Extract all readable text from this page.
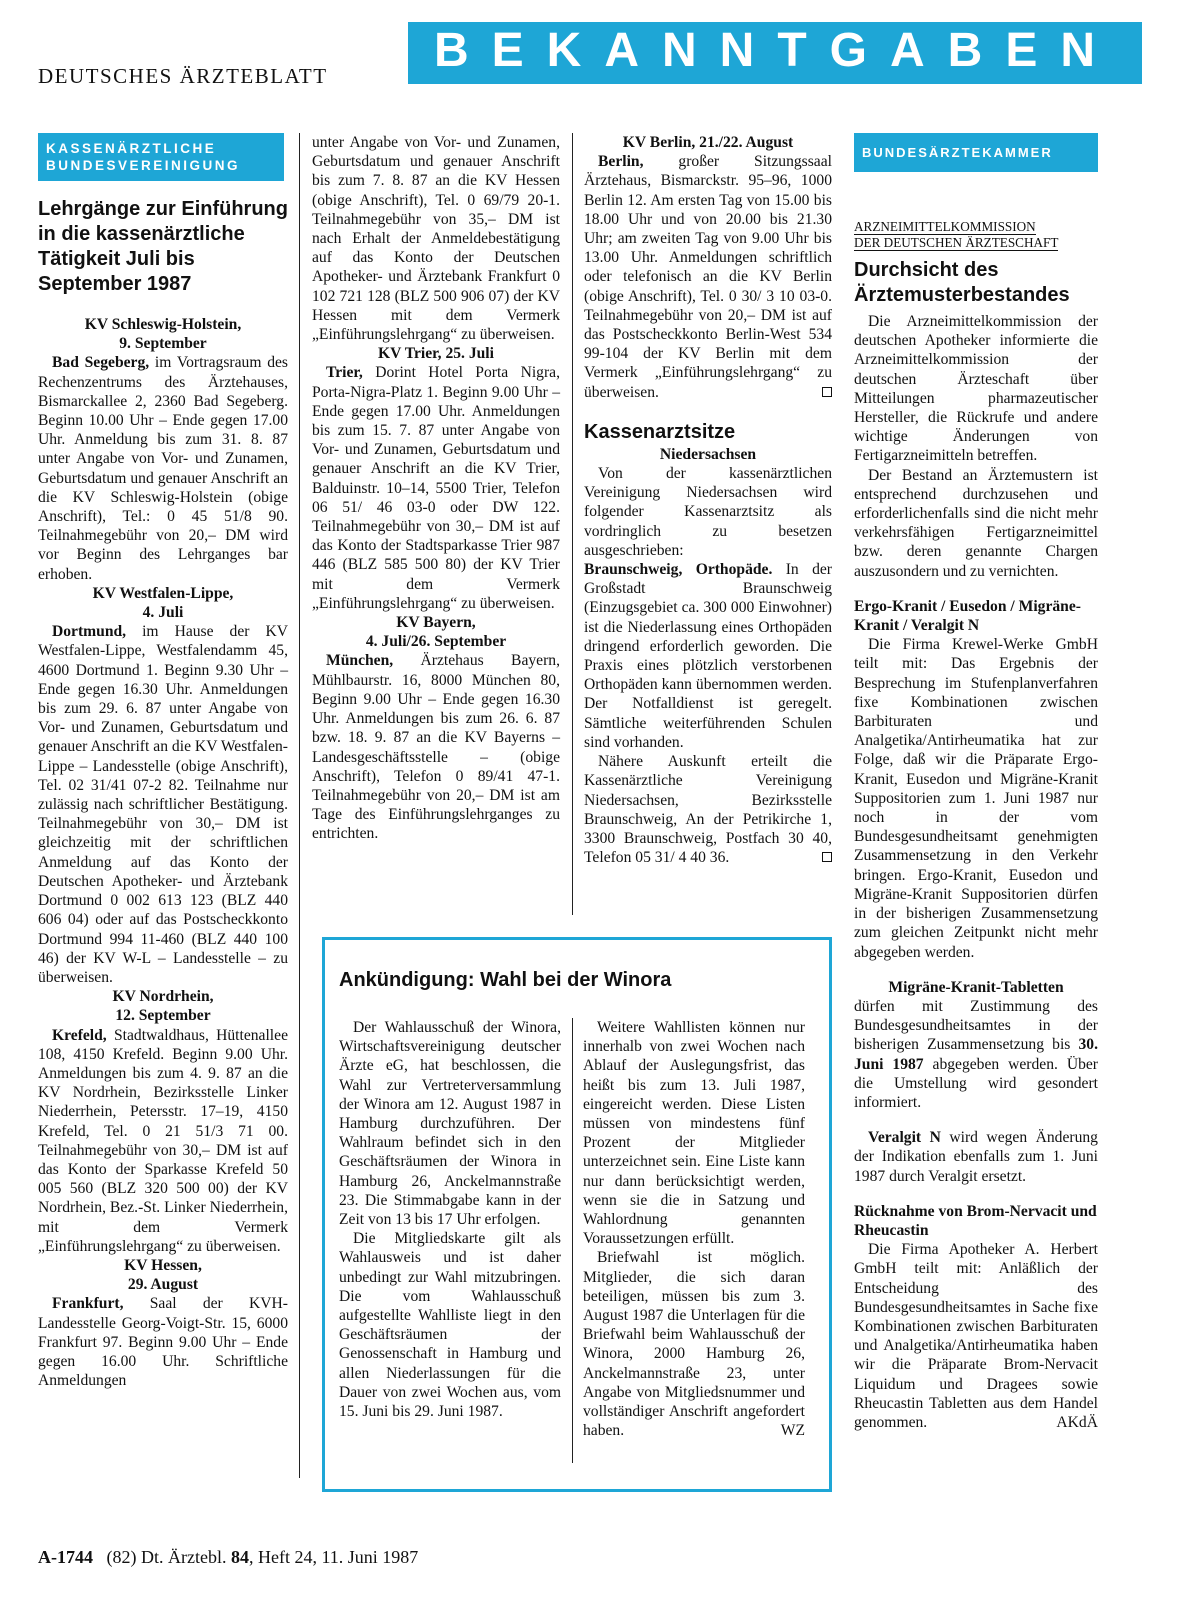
DEUTSCHES ÄRZTEBLATT	BEKANNTGABEN
KASSENÄRZTLICHE
BUNDESVEREINIGUNG

Lehrgänge zur Einführung in die kassenärztliche Tätigkeit Juli bis September 1987

KV Schleswig-Holstein,

9. September

Bad Segeberg, im Vortragsraum des Rechenzentrums des Ärztehauses, Bismarckallee 2, 2360 Bad Segeberg. Beginn 10.00 Uhr – Ende gegen 17.00 Uhr. Anmeldung bis zum 31. 8. 87 unter Angabe von Vor- und Zunamen, Geburtsdatum und genauer Anschrift an die KV Schleswig-Holstein (obige Anschrift), Tel.: 0 45 51/8 90. Teilnahmegebühr von 20,– DM wird vor Beginn des Lehrganges bar erhoben.

KV Westfalen-Lippe,

4. Juli

Dortmund, im Hause der KV Westfalen-Lippe, Westfalendamm 45, 4600 Dortmund 1. Beginn 9.30 Uhr – Ende gegen 16.30 Uhr. Anmeldungen bis zum 29. 6. 87 unter Angabe von Vor- und Zunamen, Geburtsdatum und genauer Anschrift an die KV Westfalen-Lippe – Landesstelle (obige Anschrift), Tel. 02 31/41 07-2 82. Teilnahme nur zulässig nach schriftlicher Bestätigung. Teilnahmegebühr von 30,– DM ist gleichzeitig mit der schriftlichen Anmeldung auf das Konto der Deutschen Apotheker- und Ärztebank Dortmund 0 002 613 123 (BLZ 440 606 04) oder auf das Postscheckkonto Dortmund 994 11-460 (BLZ 440 100 46) der KV W-L – Landesstelle – zu überweisen.

KV Nordrhein,

12. September

Krefeld, Stadtwaldhaus, Hüttenallee 108, 4150 Krefeld. Beginn 9.00 Uhr. Anmeldungen bis zum 4. 9. 87 an die KV Nordrhein, Bezirksstelle Linker Niederrhein, Petersstr. 17–19, 4150 Krefeld, Tel. 0 21 51/3 71 00. Teilnahmegebühr von 30,– DM ist auf das Konto der Sparkasse Krefeld 50 005 560 (BLZ 320 500 00) der KV Nordrhein, Bez.-St. Linker Niederrhein, mit dem Vermerk „Einführungslehrgang“ zu überweisen.

KV Hessen,

29. August

Frankfurt, Saal der KVH-Landesstelle Georg-Voigt-Str. 15, 6000 Frankfurt 97. Beginn 9.00 Uhr – Ende gegen 16.00 Uhr. Schriftliche Anmeldungen

unter Angabe von Vor- und Zunamen, Geburtsdatum und genauer Anschrift bis zum 7. 8. 87 an die KV Hessen (obige Anschrift), Tel. 0 69/79 20-1. Teilnahmegebühr von 35,– DM ist nach Erhalt der Anmeldebestätigung auf das Konto der Deutschen Apotheker- und Ärztebank Frankfurt 0 102 721 128 (BLZ 500 906 07) der KV Hessen mit dem Vermerk „Einführungslehrgang“ zu überweisen.

KV Trier, 25. Juli

Trier, Dorint Hotel Porta Nigra, Porta-Nigra-Platz 1. Beginn 9.00 Uhr – Ende gegen 17.00 Uhr. Anmeldungen bis zum 15. 7. 87 unter Angabe von Vor- und Zunamen, Geburtsdatum und genauer Anschrift an die KV Trier, Balduinstr. 10–14, 5500 Trier, Telefon 06 51/ 46 03-0 oder DW 122. Teilnahmegebühr von 30,– DM ist auf das Konto der Stadtsparkasse Trier 987 446 (BLZ 585 500 80) der KV Trier mit dem Vermerk „Einführungslehrgang“ zu überweisen.

KV Bayern,

4. Juli/26. September

München, Ärztehaus Bayern, Mühlbaurstr. 16, 8000 München 80, Beginn 9.00 Uhr – Ende gegen 16.30 Uhr. Anmeldungen bis zum 26. 6. 87 bzw. 18. 9. 87 an die KV Bayerns – Landesgeschäftsstelle – (obige Anschrift), Telefon 0 89/41 47-1. Teilnahmegebühr von 20,– DM ist am Tage des Einführungslehrganges zu entrichten.

KV Berlin, 21./22. August

Berlin, großer Sitzungssaal Ärztehaus, Bismarckstr. 95–96, 1000 Berlin 12. Am ersten Tag von 15.00 bis 18.00 Uhr und von 20.00 bis 21.30 Uhr; am zweiten Tag von 9.00 Uhr bis 13.00 Uhr. Anmeldungen schriftlich oder telefonisch an die KV Berlin (obige Anschrift), Tel. 0 30/ 3 10 03-0. Teilnahmegebühr von 20,– DM ist auf das Postscheckkonto Berlin-West 534 99-104 der KV Berlin mit dem Vermerk „Einführungslehrgang“ zu überweisen.

Kassenarztsitze

Niedersachsen

Von der kassenärztlichen Vereinigung Niedersachsen wird folgender Kassenarztsitz als vordringlich zu besetzen ausgeschrieben:

Braunschweig, Orthopäde. In der Großstadt Braunschweig (Einzugsgebiet ca. 300 000 Einwohner) ist die Niederlassung eines Orthopäden dringend erforderlich geworden. Die Praxis eines plötzlich verstorbenen Orthopäden kann übernommen werden. Der Notfalldienst ist geregelt. Sämtliche weiterführenden Schulen sind vorhanden.

Nähere Auskunft erteilt die Kassenärztliche Vereinigung Niedersachsen, Bezirksstelle Braunschweig, An der Petrikirche 1, 3300 Braunschweig, Postfach 30 40, Telefon 05 31/ 4 40 36.

Ankündigung: Wahl bei der Winora

Der Wahlausschuß der Winora, Wirtschaftsvereinigung deutscher Ärzte eG, hat beschlossen, die Wahl zur Vertreterversammlung der Winora am 12. August 1987 in Hamburg durchzuführen. Der Wahlraum befindet sich in den Geschäftsräumen der Winora in Hamburg 26, Anckelmannstraße 23. Die Stimmabgabe kann in der Zeit von 13 bis 17 Uhr erfolgen.

Die Mitgliedskarte gilt als Wahlausweis und ist daher unbedingt zur Wahl mitzubringen. Die vom Wahlausschuß aufgestellte Wahlliste liegt in den Geschäftsräumen der Genossenschaft in Hamburg und allen Niederlassungen für die Dauer von zwei Wochen aus, vom 15. Juni bis 29. Juni 1987.

Weitere Wahllisten können nur innerhalb von zwei Wochen nach Ablauf der Auslegungsfrist, das heißt bis zum 13. Juli 1987, eingereicht werden. Diese Listen müssen von mindestens fünf Prozent der Mitglieder unterzeichnet sein. Eine Liste kann nur dann berücksichtigt werden, wenn sie die in Satzung und Wahlordnung genannten Voraussetzungen erfüllt.

Briefwahl ist möglich. Mitglieder, die sich daran beteiligen, müssen bis zum 3. August 1987 die Unterlagen für die Briefwahl beim Wahlausschuß der Winora, 2000 Hamburg 26, Anckelmannstraße 23, unter Angabe von Mitgliedsnummer und vollständiger Anschrift angefordert haben.	WZ

BUNDESÄRZTEKAMMER
ARZNEIMITTELKOMMISSION
DER DEUTSCHEN ÄRZTESCHAFT

Durchsicht des Ärztemusterbestandes

Die Arzneimittelkommission der deutschen Apotheker informierte die Arzneimittelkommission der deutschen Ärzteschaft über Mitteilungen pharmazeutischer Hersteller, die Rückrufe und andere wichtige Änderungen von Fertigarzneimitteln betreffen.

Der Bestand an Ärztemustern ist entsprechend durchzusehen und erforderlichenfalls sind die nicht mehr verkehrsfähigen Fertigarzneimittel bzw. deren genannte Chargen auszusondern und zu vernichten.

Ergo-Kranit / Eusedon / Migräne-Kranit / Veralgit N

Die Firma Krewel-Werke GmbH teilt mit: Das Ergebnis der Besprechung im Stufenplanverfahren fixe Kombinationen zwischen Barbituraten und Analgetika/Antirheumatika hat zur Folge, daß wir die Präparate Ergo-Kranit, Eusedon und Migräne-Kranit Suppositorien zum 1. Juni 1987 nur noch in der vom Bundesgesundheitsamt genehmigten Zusammensetzung in den Verkehr bringen. Ergo-Kranit, Eusedon und Migräne-Kranit Suppositorien dürfen in der bisherigen Zusammensetzung zum gleichen Zeitpunkt nicht mehr abgegeben werden.

Migräne-Kranit-Tabletten

dürfen mit Zustimmung des Bundesgesundheitsamtes in der bisherigen Zusammensetzung bis 30. Juni 1987 abgegeben werden. Über die Umstellung wird gesondert informiert.

Veralgit N wird wegen Änderung der Indikation ebenfalls zum 1. Juni 1987 durch Veralgit ersetzt.

Rücknahme von Brom-Nervacit und Rheucastin

Die Firma Apotheker A. Herbert GmbH teilt mit: Anläßlich der Entscheidung des Bundesgesundheitsamtes in Sache fixe Kombinationen zwischen Barbituraten und Analgetika/Antirheumatika haben wir die Präparate Brom-Nervacit Liquidum und Dragees sowie Rheucastin Tabletten aus dem Handel genommen.	AKdÄ

A-1744 (82) Dt. Ärztebl. 84, Heft 24, 11. Juni 1987
